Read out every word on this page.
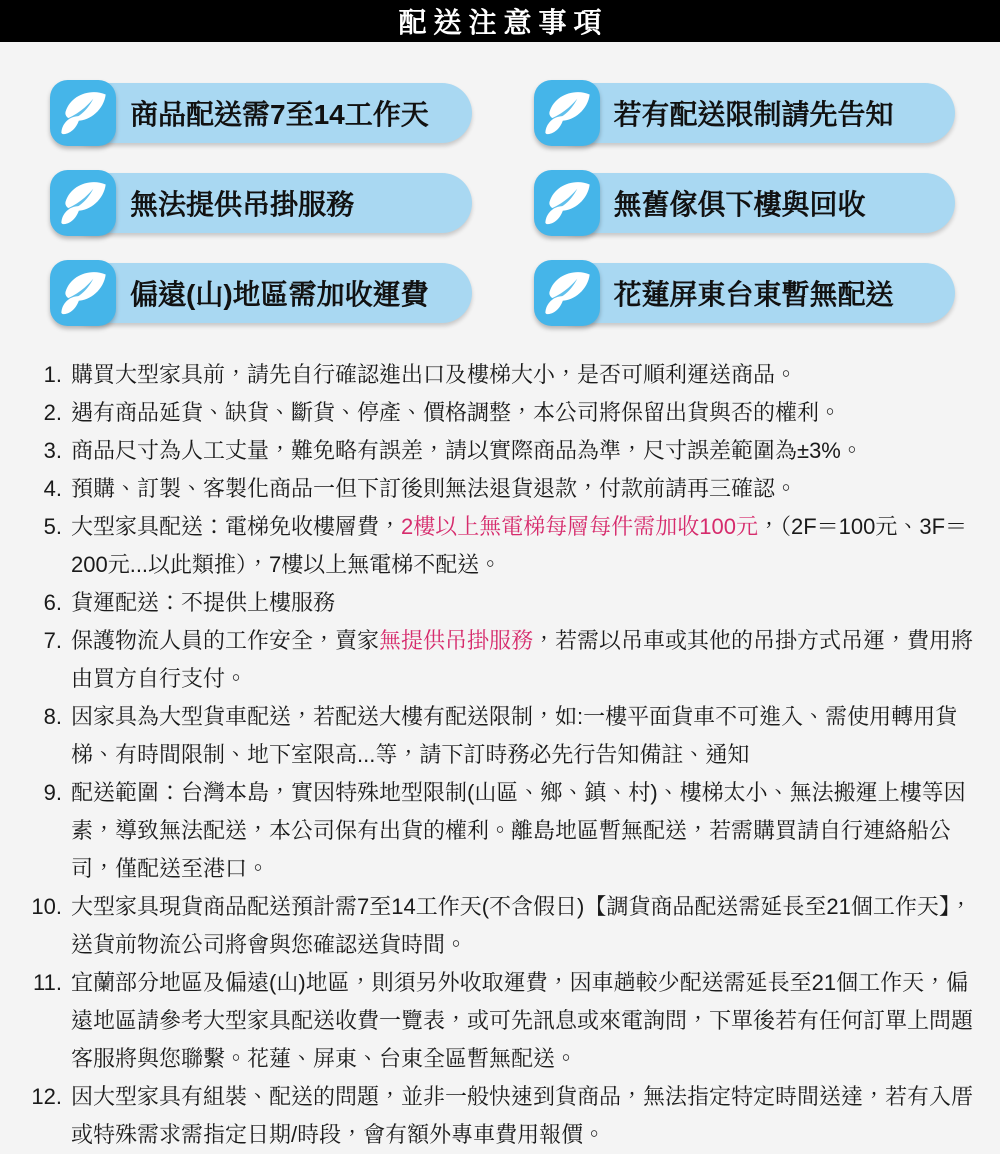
配送注意事項
商品配送需7至14工作天	若有配送限制請先告知
無法提供吊掛服務	無舊傢俱下樓與回收
偏遠(山)地區需加收運費	花蓮屏東台東暫無配送
1. 購買大型家具前，請先自行確認進出口及樓梯大小，是否可順利運送商品。
2. 遇有商品延貨、缺貨、斷貨、停產、價格調整，本公司將保留出貨與否的權利。
3. 商品尺寸為人工丈量，難免略有誤差，請以實際商品為準，尺寸誤差範圍為±3%。
4. 預購、訂製、客製化商品一但下訂後則無法退貨退款，付款前請再三確認。
5. 大型家具配送：電梯免收樓層費，2樓以上無電梯每層每件需加收100元，（2F＝100元、3F＝200元...以此類推），7樓以上無電梯不配送。
6. 貨運配送：不提供上樓服務
7. 保護物流人員的工作安全，賣家無提供吊掛服務，若需以吊車或其他的吊掛方式吊運，費用將由買方自行支付。
8. 因家具為大型貨車配送，若配送大樓有配送限制，如:一樓平面貨車不可進入、需使用轉用貨梯、有時間限制、地下室限高...等，請下訂時務必先行告知備註、通知
9. 配送範圍：台灣本島，實因特殊地型限制(山區、鄉、鎮、村)、樓梯太小、無法搬運上樓等因素，導致無法配送，本公司保有出貨的權利。離島地區暫無配送，若需購買請自行連絡船公司，僅配送至港口。
10. 大型家具現貨商品配送預計需7至14工作天(不含假日)【調貨商品配送需延長至21個工作天】，送貨前物流公司將會與您確認送貨時間。
11. 宜蘭部分地區及偏遠(山)地區，則須另外收取運費，因車趟較少配送需延長至21個工作天，偏遠地區請參考大型家具配送收費一覽表，或可先訊息或來電詢問，下單後若有任何訂單上問題客服將與您聯繫。花蓮、屏東、台東全區暫無配送。
12. 因大型家具有組裝、配送的問題，並非一般快速到貨商品，無法指定特定時間送達，若有入厝或特殊需求需指定日期/時段，會有額外專車費用報價。
